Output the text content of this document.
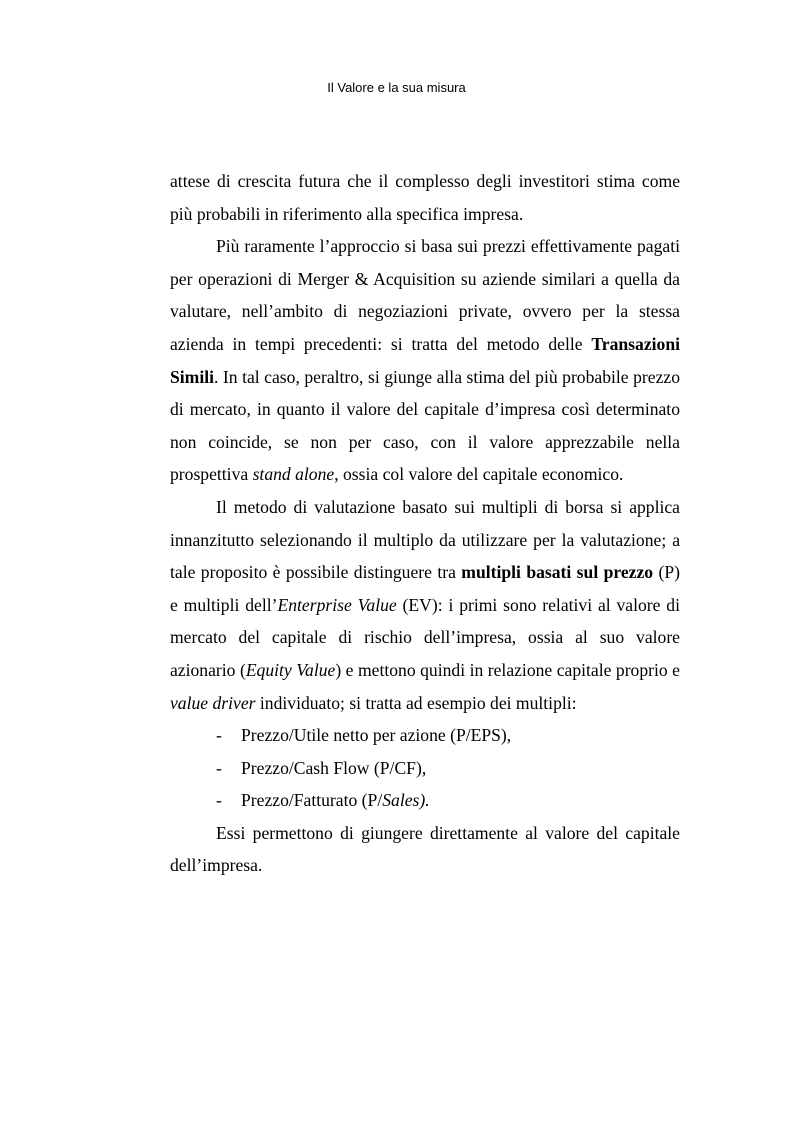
Il Valore e la sua misura

attese di crescita futura che il complesso degli investitori stima come più probabili in riferimento alla specifica impresa.

Più raramente l’approccio si basa sui prezzi effettivamente pagati per operazioni di Merger & Acquisition su aziende similari a quella da valutare, nell’ambito di negoziazioni private, ovvero per la stessa azienda in tempi precedenti: si tratta del metodo delle Transazioni Simili. In tal caso, peraltro, si giunge alla stima del più probabile prezzo di mercato, in quanto il valore del capitale d’impresa così determinato non coincide, se non per caso, con il valore apprezzabile nella prospettiva stand alone, ossia col valore del capitale economico.

Il metodo di valutazione basato sui multipli di borsa si applica innanzitutto selezionando il multiplo da utilizzare per la valutazione; a tale proposito è possibile distinguere tra multipli basati sul prezzo (P) e multipli dell’Enterprise Value (EV): i primi sono relativi al valore di mercato del capitale di rischio dell’impresa, ossia al suo valore azionario (Equity Value) e mettono quindi in relazione capitale proprio e value driver individuato; si tratta ad esempio dei multipli:

- Prezzo/Utile netto per azione (P/EPS),
- Prezzo/Cash Flow (P/CF),
- Prezzo/Fatturato (P/Sales).

Essi permettono di giungere direttamente al valore del capitale dell’impresa.
